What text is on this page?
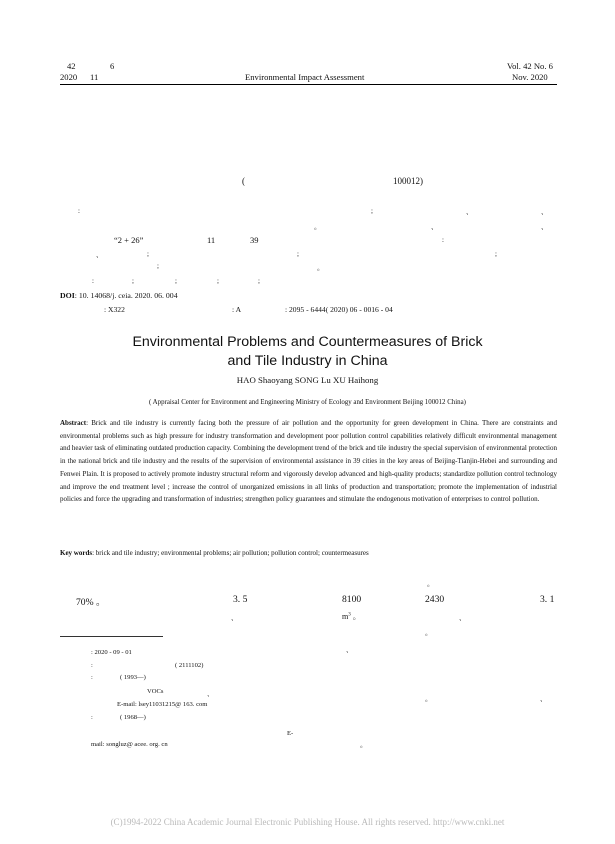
42	6
2020 11	Environmental Impact Assessment
Vol. 42 No. 6
Nov. 2020
(	100012)
:	;	、	、
。	、	、
“2 + 26”	11	39	:
、	;	;	;
;	。
:	;	;	;	;
DOI: 10. 14068/j. ceia. 2020. 06. 004
: X322	: A	: 2095 - 6444( 2020) 06 - 0016 - 04
Environmental Problems and Countermeasures of Brick
and Tile Industry in China
HAO Shaoyang SONG Lu XU Haihong
( Appraisal Center for Environment and Engineering Ministry of Ecology and Environment Beijing 100012 China)
Abstract: Brick and tile industry is currently facing both the pressure of air pollution and the opportunity for green development in China. There are constraints and environmental problems such as high pressure for industry transformation and development poor pollution control capabilities relatively difficult environmental management and heavier task of eliminating outdated production capacity. Combining the development trend of the brick and tile industry the special supervision of environmental protection in the national brick and tile industry and the results of the supervision of environmental assistance in 39 cities in the key areas of Beijing-Tianjin-Hebei and surrounding and Fenwei Plain. It is proposed to actively promote industry structural reform and vigorously develop advanced and high-quality products; standardize pollution control technology and improve the end treatment level ; increase the control of unorganized emissions in all links of production and transportation; promote the implementation of industrial policies and force the upgrading and transformation of industries; strengthen policy guarantees and stimulate the endogenous motivation of enterprises to control pollution.
Key words: brick and tile industry; environmental problems; air pollution; pollution control; countermeasures
。
70% 。	3. 5	8100	2430	3. 1
、	$m^3$ 。	、
。
、
。	、
。
: 2020 - 09 - 01
:	( 2111102)
:	( 1993—)
VOCs	、
E-mail: lsey11031215@ 163. com
:	( 1968—)
E-
mail: songluz@ acee. org. cn
(C)1994-2022 China Academic Journal Electronic Publishing House. All rights reserved. http://www.cnki.net
